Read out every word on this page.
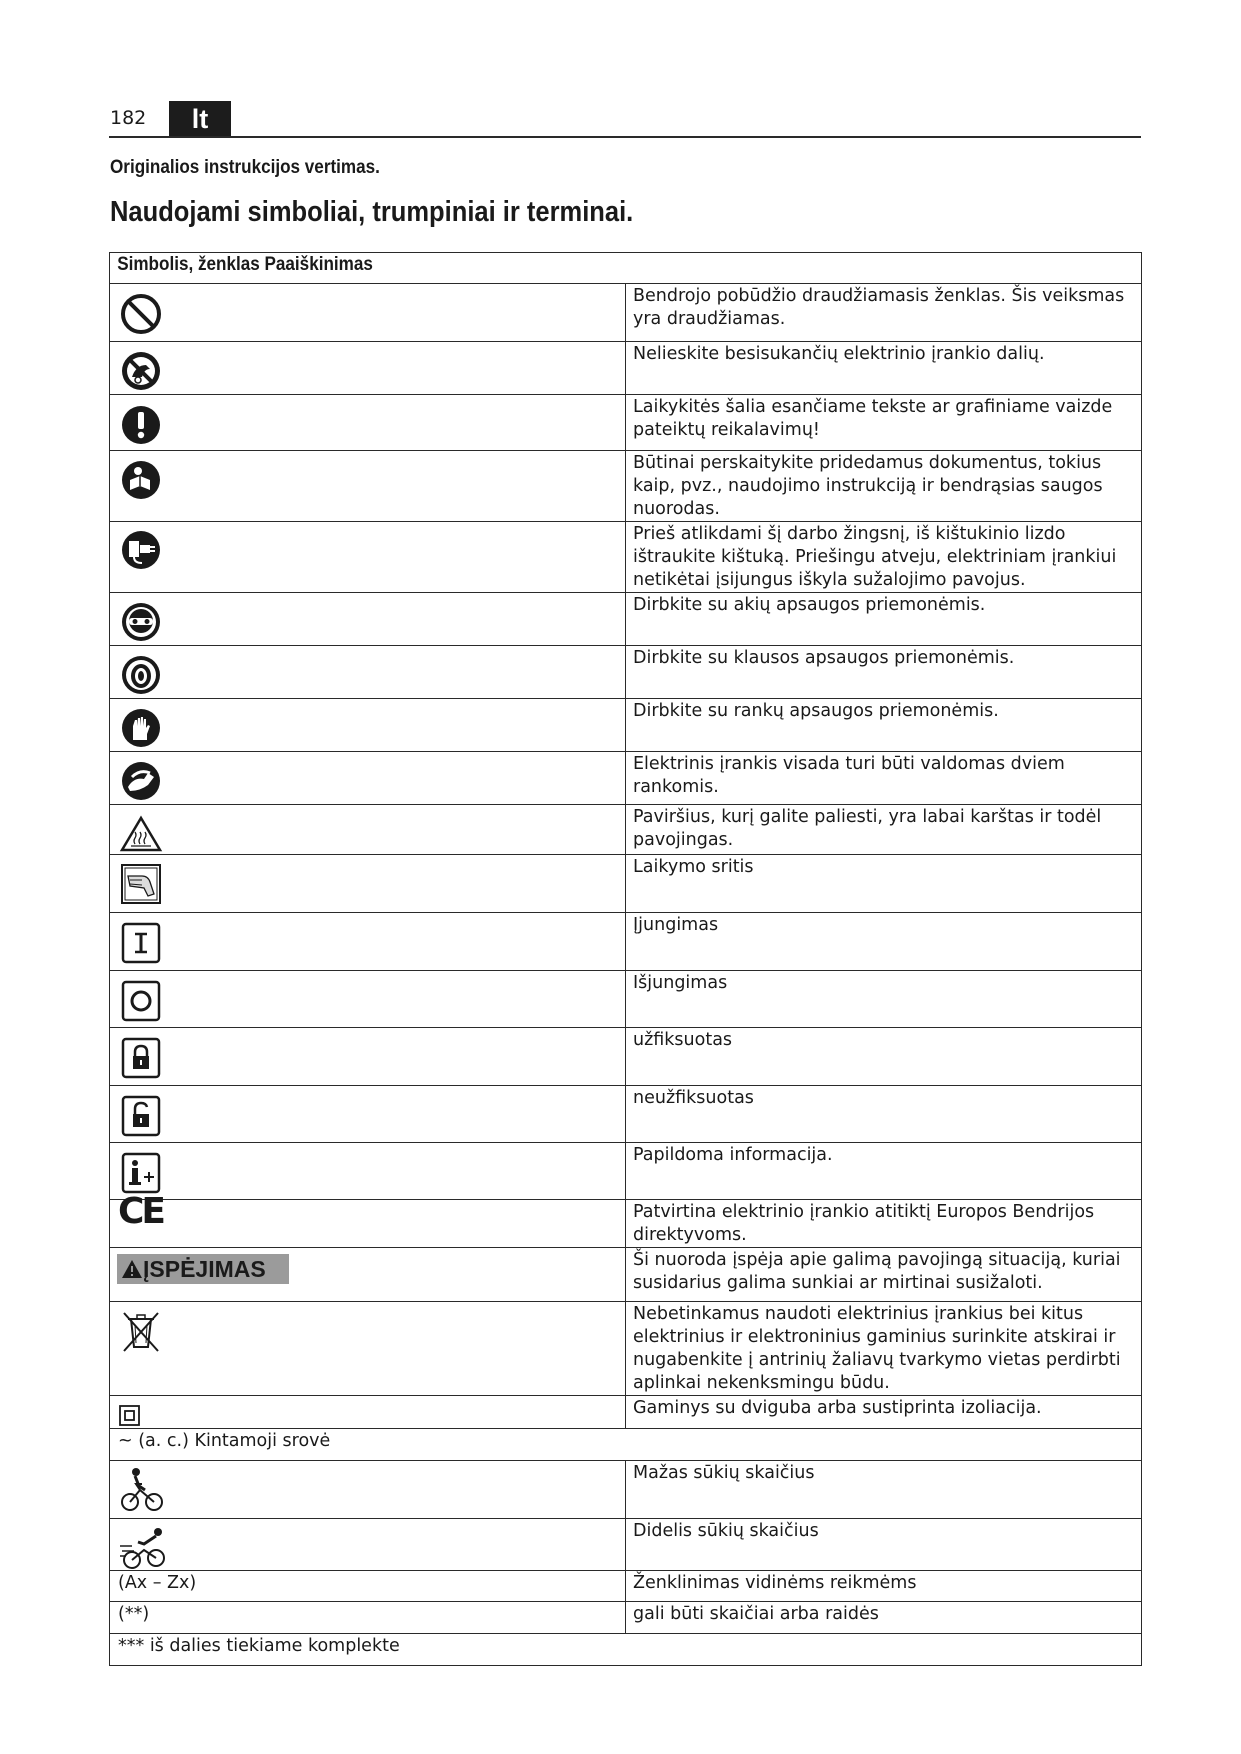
182	lt
Originalios instrukcijos vertimas.
Naudojami simboliai, trumpiniai ir terminai.
Simbolis, ženklas Paaiškinimas	

	Bendrojo pobūdžio draudžiamasis ženklas. Šis veiksmas yra draudžiamas.

	Nelieskite besisukančių elektrinio įrankio dalių.

	Laikykitės šalia esančiame tekste ar grafiniame vaizde pateiktų reikalavimų!

	Būtinai perskaitykite pridedamus dokumentus, tokius kaip, pvz., naudojimo instrukciją ir bendrąsias saugos nuorodas.

	Prieš atlikdami šį darbo žingsnį, iš kištukinio lizdo ištraukite kištuką. Priešingu atveju, elektriniam įrankiui netikėtai įsijungus iškyla sužalojimo pavojus.

	Dirbkite su akių apsaugos priemonėmis.

	Dirbkite su klausos apsaugos priemonėmis.

	Dirbkite su rankų apsaugos priemonėmis.

	Elektrinis įrankis visada turi būti valdomas dviem rankomis.

	Paviršius, kurį galite paliesti, yra labai karštas ir todėl pavojingas.

	Laikymo sritis

	Įjungimas

	Išjungimas

	užfiksuotas

	neužfiksuotas

	Papildoma informacija.

CE	Patvirtina elektrinio įrankio atitiktį Europos Bendrijos direktyvoms.

ĮSPĖJIMAS	Ši nuoroda įspėja apie galimą pavojingą situaciją, kuriai susidarius galima sunkiai ar mirtinai susižaloti.

	Nebetinkamus naudoti elektrinius įrankius bei kitus elektrinius ir elektroninius gaminius surinkite atskirai ir nugabenkite į antrinių žaliavų tvarkymo vietas perdirbti aplinkai nekenksmingu būdu.

	Gaminys su dviguba arba sustiprinta izoliacija.
~ (a. c.) Kintamoji srovė	

	Mažas sūkių skaičius

	Didelis sūkių skaičius
(Ax – Zx)	Ženklinimas vidinėms reikmėms
(**)	gali būti skaičiai arba raidės
*** iš dalies tiekiame komplekte	
